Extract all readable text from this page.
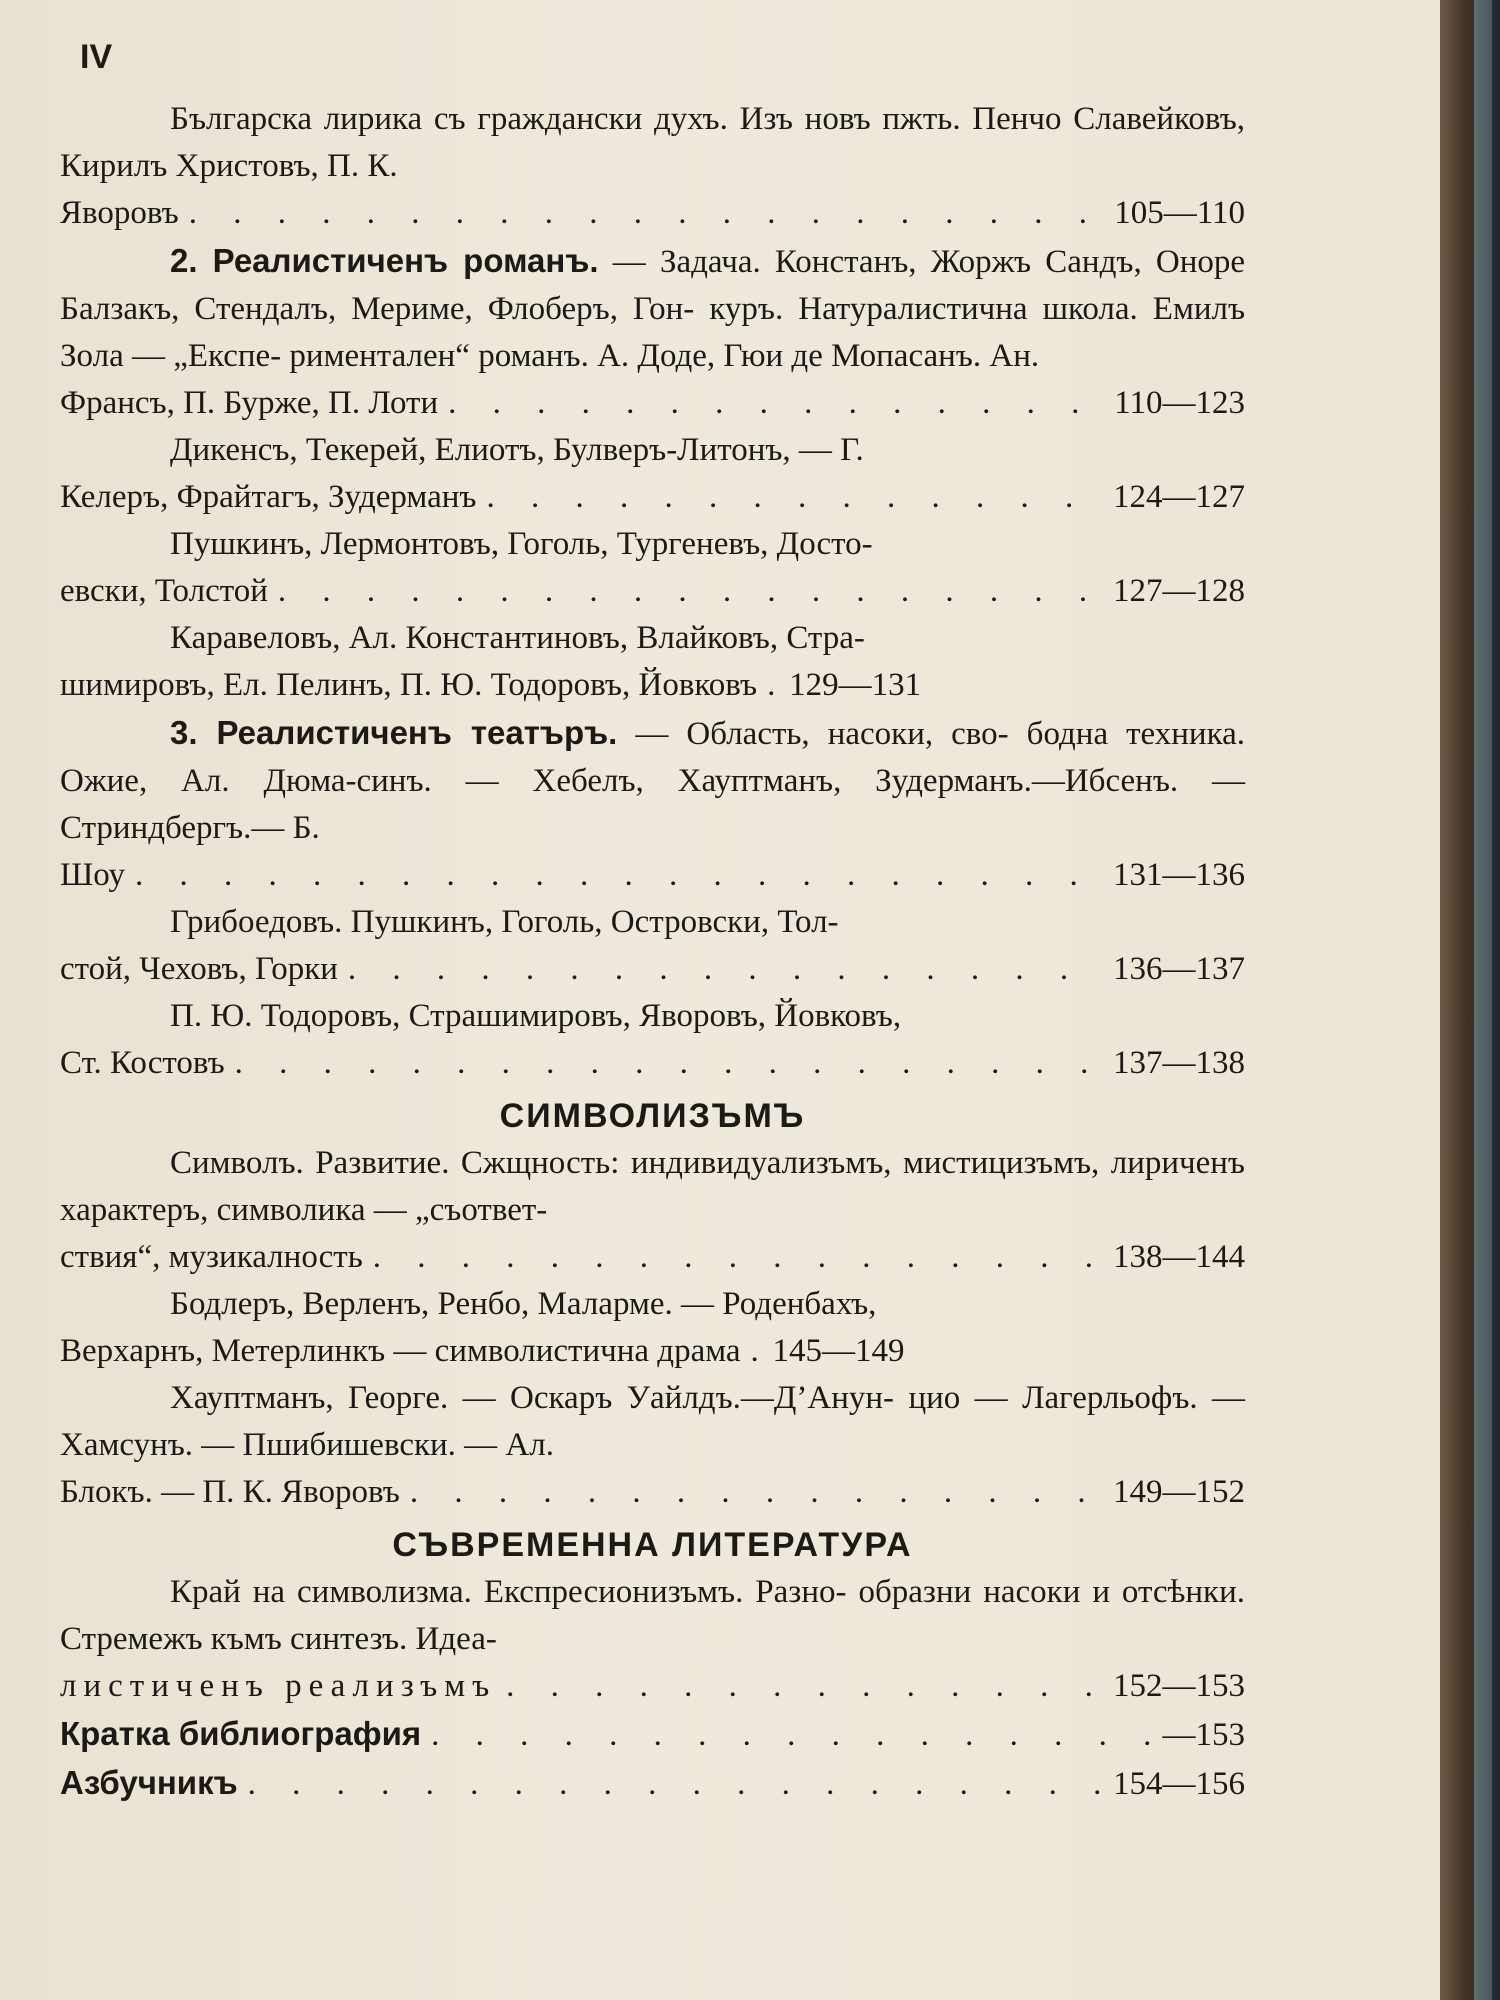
IV
Българска лирика съ граждански духъ. Изъ новъ пжть. Пенчо Славейковъ, Кирилъ Христовъ, П. К.
Яворовъ . . .	105—110
2. Реалистиченъ романъ. — Задача. Констанъ, Жоржъ Сандъ, Оноре Балзакъ, Стендалъ, Мериме, Флоберъ, Гон- куръ. Натуралистична школа. Емилъ Зола — „Експе- риментален“ романъ. А. Доде, Гюи де Мопасанъ. Ан.
Франсъ, П. Бурже, П. Лоти . . .	110—123
Дикенсъ, Текерей, Елиотъ, Булверъ-Литонъ, — Г.
Келеръ, Фрайтагъ, Зудерманъ . . .	124—127
Пушкинъ, Лермонтовъ, Гоголь, Тургеневъ, Досто-
евски, Толстой . . .	127—128
Каравеловъ, Ал. Константиновъ, Влайковъ, Стра-
шимировъ, Ел. Пелинъ, П. Ю. Тодоровъ, Йовковъ . . . 129—131
3. Реалистиченъ театъръ. — Область, насоки, сво- бодна техника. Ожие, Ал. Дюма-синъ. — Хебелъ, Хауптманъ, Зудерманъ.—Ибсенъ. — Стриндбергъ.— Б.
Шоу . . .	131—136
Грибоедовъ. Пушкинъ, Гоголь, Островски, Тол-
стой, Чеховъ, Горки . . .	136—137
П. Ю. Тодоровъ, Страшимировъ, Яворовъ, Йовковъ,
Ст. Костовъ . . .	137—138
СИМВОЛИЗЪМЪ
Символъ. Развитие. Сжщность: индивидуализъмъ, мистицизъмъ, лириченъ характеръ, символика — „съответ-
ствия“, музикалность . . .	138—144
Бодлеръ, Верленъ, Ренбо, Маларме. — Роденбахъ,
Верхарнъ, Метерлинкъ — символистична драма . . . 145—149
Хауптманъ, Георге. — Оскаръ Уайлдъ.—Д’Анун- цио — Лагерльофъ. — Хамсунъ. — Пшибишевски. — Ал.
Блокъ. — П. К. Яворовъ . . .	149—152
СЪВРЕМЕННА ЛИТЕРАТУРА
Край на символизма. Експресионизъмъ. Разно- образни насоки и отсѣнки. Стремежъ къмъ синтезъ. Идеа-
листиченъ реализъмъ . . .	152—153
Кратка библиография . . .	—153
Азбучникъ . . .	154—156
